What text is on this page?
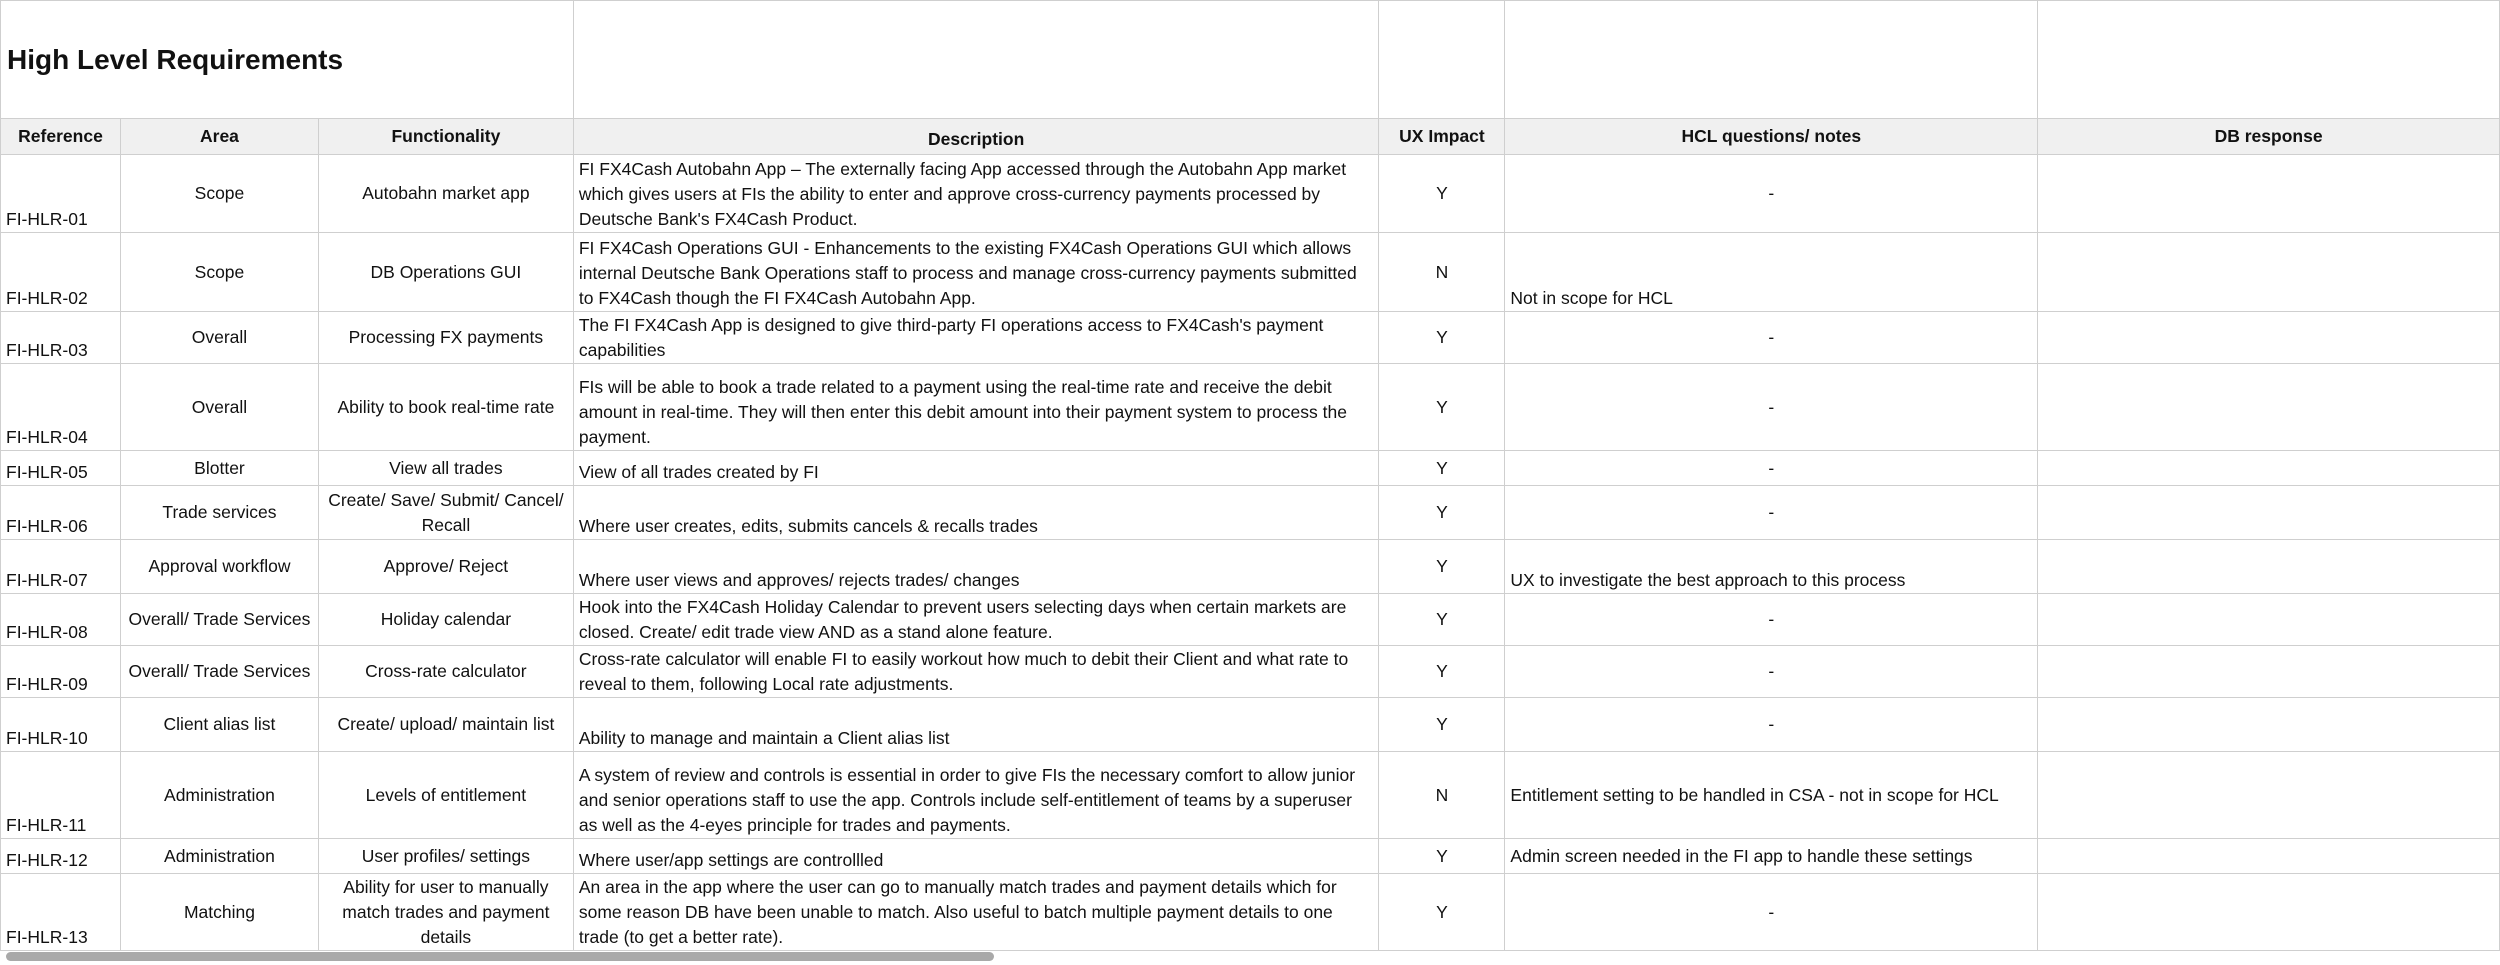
High Level Requirements						
Reference	Area	Functionality	Description	UX Impact	HCL questions/ notes	DB response
FI-HLR-01	Scope	Autobahn market app	FI FX4Cash Autobahn App – The externally facing App accessed through the Autobahn App market which gives users at FIs the ability to enter and approve cross-currency payments processed by Deutsche Bank's FX4Cash Product.	Y	-	
FI-HLR-02	Scope	DB Operations GUI	FI FX4Cash Operations GUI - Enhancements to the existing FX4Cash Operations GUI which allows internal Deutsche Bank Operations staff to process and manage cross-currency payments submitted to FX4Cash though the FI FX4Cash Autobahn App.	N	Not in scope for HCL	
FI-HLR-03	Overall	Processing FX payments	The FI FX4Cash App is designed to give third-party FI operations access to FX4Cash's payment capabilities	Y	-	
FI-HLR-04	Overall	Ability to book real-time rate	FIs will be able to book a trade related to a payment using the real-time rate and receive the debit amount in real-time. They will then enter this debit amount into their payment system to process the payment.	Y	-	
FI-HLR-05	Blotter	View all trades	View of all trades created by FI	Y	-	
FI-HLR-06	Trade services	Create/ Save/ Submit/ Cancel/ Recall	Where user creates, edits, submits cancels & recalls trades	Y	-	
FI-HLR-07	Approval workflow	Approve/ Reject	Where user views and approves/ rejects trades/ changes	Y	UX to investigate the best approach to this process	
FI-HLR-08	Overall/ Trade Services	Holiday calendar	Hook into the FX4Cash Holiday Calendar to prevent users selecting days when certain markets are closed. Create/ edit trade view AND as a stand alone feature.	Y	-	
FI-HLR-09	Overall/ Trade Services	Cross-rate calculator	Cross-rate calculator will enable FI to easily workout how much to debit their Client and what rate to reveal to them, following Local rate adjustments.	Y	-	
FI-HLR-10	Client alias list	Create/ upload/ maintain list	Ability to manage and maintain a Client alias list	Y	-	
FI-HLR-11	Administration	Levels of entitlement	A system of review and controls is essential in order to give FIs the necessary comfort to allow junior and senior operations staff to use the app. Controls include self-entitlement of teams by a superuser as well as the 4-eyes principle for trades and payments.	N	Entitlement setting to be handled in CSA - not in scope for HCL	
FI-HLR-12	Administration	User profiles/ settings	Where user/app settings are controllled	Y	Admin screen needed in the FI app to handle these settings	
FI-HLR-13	Matching	Ability for user to manually match trades and payment details	An area in the app where the user can go to manually match trades and payment details which for some reason DB have been unable to match. Also useful to batch multiple payment details to one trade (to get a better rate).	Y	-	
